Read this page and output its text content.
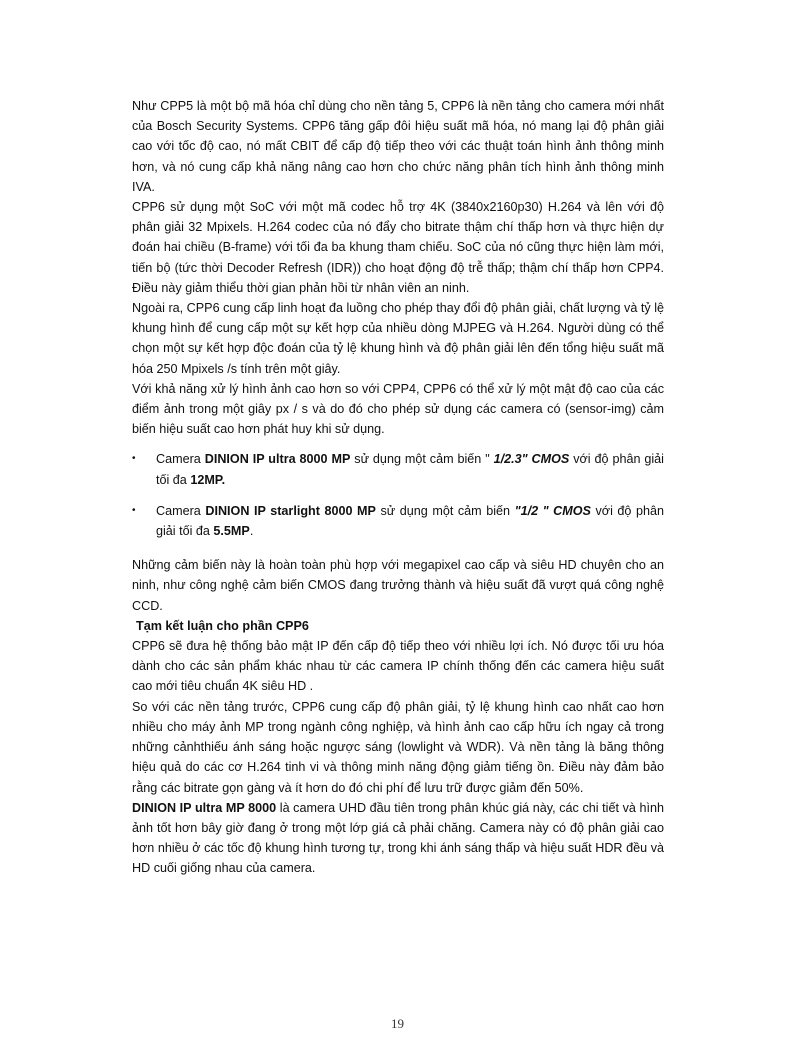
Như CPP5 là một bộ mã hóa chỉ dùng cho nền tảng 5, CPP6 là nền tảng cho camera mới nhất của Bosch Security Systems. CPP6 tăng gấp đôi hiệu suất mã hóa, nó mang lại độ phân giải cao với tốc độ cao, nó mất CBIT để cấp độ tiếp theo với các thuật toán hình ảnh thông minh hơn, và nó cung cấp khả năng nâng cao hơn cho chức năng phân tích hình ảnh thông minh IVA.

CPP6 sử dụng một SoC với một mã codec hỗ trợ 4K (3840x2160p30) H.264 và lên với độ phân giải 32 Mpixels. H.264 codec của nó đẩy cho bitrate thậm chí thấp hơn và thực hiện dự đoán hai chiều (B-frame) với tối đa ba khung tham chiếu. SoC của nó cũng thực hiện làm mới, tiến bộ (tức thời Decoder Refresh (IDR)) cho hoạt động độ trễ thấp; thậm chí thấp hơn CPP4. Điều này giảm thiểu thời gian phản hồi từ nhân viên an ninh.

Ngoài ra, CPP6 cung cấp linh hoạt đa luồng cho phép thay đổi độ phân giải, chất lượng và tỷ lệ khung hình để cung cấp một sự kết hợp của nhiều dòng MJPEG và H.264. Người dùng có thể chọn một sự kết hợp độc đoán của tỷ lệ khung hình và độ phân giải lên đến tổng hiệu suất mã hóa 250 Mpixels /s tính trên một giây.

Với khả năng xử lý hình ảnh cao hơn so với CPP4, CPP6 có thể xử lý một mật độ cao của các điểm ảnh trong một giây px / s và do đó cho phép sử dụng các camera có (sensor-img) cảm biến hiệu suất cao hơn phát huy khi sử dụng.

• Camera DINION IP ultra 8000 MP sử dụng một cảm biến " 1/2.3" CMOS với độ phân giải tối đa 12MP.
• Camera DINION IP starlight 8000 MP sử dụng một cảm biến "1/2 " CMOS với độ phân giải tối đa 5.5MP.

Những cảm biến này là hoàn toàn phù hợp với megapixel cao cấp và siêu HD chuyên cho an ninh, như công nghệ cảm biến CMOS đang trưởng thành và hiệu suất đã vượt quá công nghệ CCD.

Tạm kết luận cho phần CPP6

CPP6 sẽ đưa hệ thống bảo mật IP đến cấp độ tiếp theo với nhiều lợi ích. Nó được tối ưu hóa dành cho các sản phẩm khác nhau từ các camera IP chính thống đến các camera hiệu suất cao mới tiêu chuẩn 4K siêu HD .

So với các nền tảng trước, CPP6 cung cấp độ phân giải, tỷ lệ khung hình cao nhất cao hơn nhiều cho máy ảnh MP trong ngành công nghiệp, và hình ảnh cao cấp hữu ích ngay cả trong những cảnhthiếu ánh sáng hoặc ngược sáng (lowlight và WDR). Và nền tảng là băng thông hiệu quả do các cơ H.264 tinh vi và thông minh năng động giảm tiếng ồn. Điều này đảm bảo rằng các bitrate gọn gàng và ít hơn do đó chi phí để lưu trữ được giảm đến 50%.

DINION IP ultra MP 8000 là camera UHD đầu tiên trong phân khúc giá này, các chi tiết và hình ảnh tốt hơn bây giờ đang ở trong một lớp giá cả phải chăng. Camera này có độ phân giải cao hơn nhiều ở các tốc độ khung hình tương tự, trong khi ánh sáng thấp và hiệu suất HDR đều và HD cuối giống nhau của camera.

19
